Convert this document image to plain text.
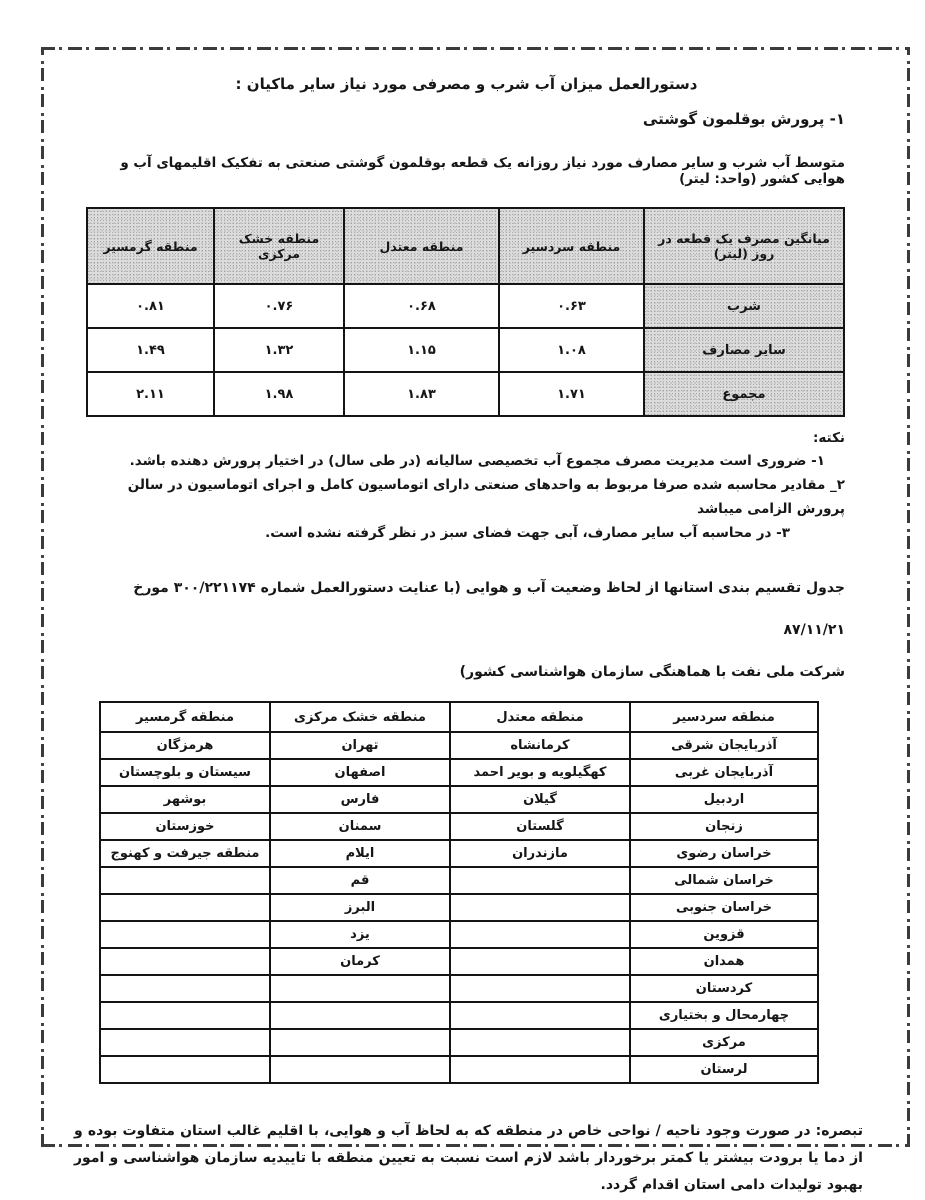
دستورالعمل میزان آب شرب و مصرفی مورد نیاز سایر ماکیان :
۱- پرورش بوقلمون گوشتی
متوسط آب شرب و سایر مصارف مورد نیاز روزانه یک قطعه بوقلمون گوشتی صنعتی به تفکیک اقلیمهای آب و هوایی کشور (واحد: لیتر)
میانگین مصرف یک قطعه در روز (لیتر)	منطقه سردسیر	منطقه معتدل	منطقه خشک مرکزی	منطقه گرمسیر
شرب	۰.۶۳	۰.۶۸	۰.۷۶	۰.۸۱
سایر مصارف	۱.۰۸	۱.۱۵	۱.۳۲	۱.۴۹
مجموع	۱.۷۱	۱.۸۳	۱.۹۸	۲.۱۱
نکته:
۱- ضروری است مدیریت مصرف مجموع آب تخصیصی سالیانه (در طی سال) در اختیار پرورش دهنده باشد.
۲_ مقادیر محاسبه شده صرفا مربوط به واحدهای صنعتی دارای اتوماسیون کامل و اجرای اتوماسیون در سالن پرورش الزامی میباشد
۳- در محاسبه آب سایر مصارف، آبی جهت فضای سبز در نظر گرفته نشده است.
جدول تقسیم بندی استانها از لحاظ وضعیت آب و هوایی (با عنایت دستورالعمل شماره ۳۰۰/۲۲۱۱۷۴ مورخ ۸۷/۱۱/۲۱
شرکت ملی نفت با هماهنگی سازمان هواشناسی کشور)
منطقه سردسیر	منطقه معتدل	منطقه خشک مرکزی	منطقه گرمسیر
آذربایجان شرقی	کرمانشاه	تهران	هرمزگان
آذربایجان غربی	کهگیلویه و بویر احمد	اصفهان	سیستان و بلوچستان
اردبیل	گیلان	فارس	بوشهر
زنجان	گلستان	سمنان	خوزستان
خراسان رضوی	مازندران	ایلام	منطقه جیرفت و کهنوج
خراسان شمالی		قم	
خراسان جنوبی		البرز	
قزوین		یزد	
همدان		کرمان	
کردستان			
چهارمحال و بختیاری			
مرکزی			
لرستان			
تبصره: در صورت وجود ناحیه / نواحی خاص در منطقه که به لحاظ آب و هوایی، با اقلیم غالب استان متفاوت بوده و از دما یا برودت بیشتر یا کمتر برخوردار باشد لازم است نسبت به تعیین منطقه با تاییدیه سازمان هواشناسی و امور بهبود تولیدات دامی استان اقدام گردد.
